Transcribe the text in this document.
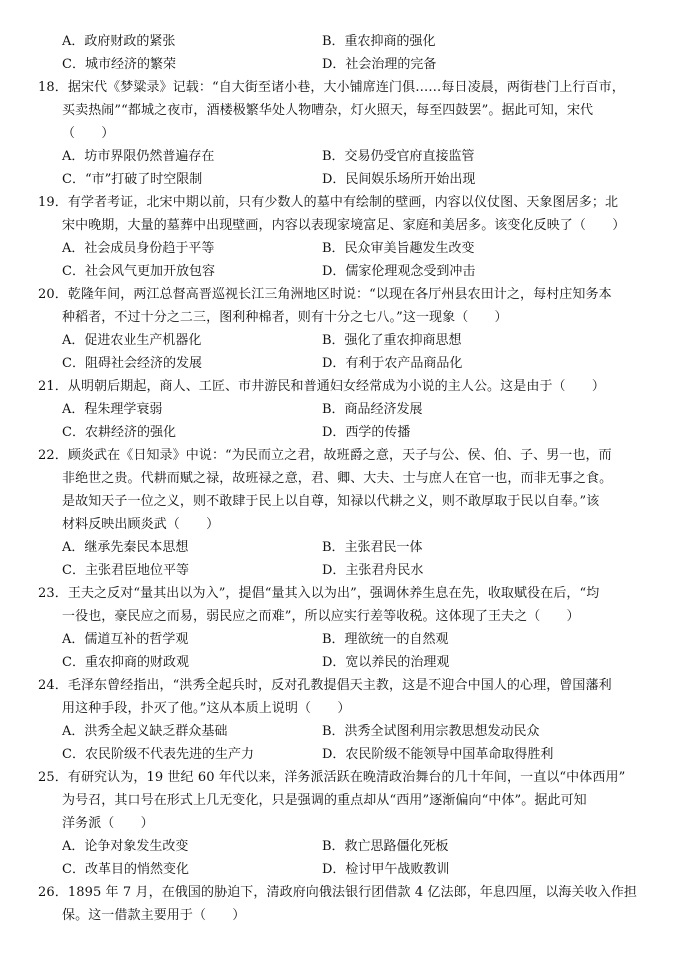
A．政府财政的紧张	B．重农抑商的强化
C．城市经济的繁荣	D．社会治理的完备
18．据宋代《梦粱录》记载：“自大街至诸小巷，大小铺席连门俱……每日凌晨，两街巷门上行百市，
买卖热闹”“都城之夜市，酒楼极繁华处人物嘈杂，灯火照天，每至四鼓罢”。据此可知，宋代
（　　）
A．坊市界限仍然普遍存在	B．交易仍受官府直接监管
C．“市”打破了时空限制	D．民间娱乐场所开始出现
19．有学者考证，北宋中期以前，只有少数人的墓中有绘制的壁画，内容以仪仗图、天象图居多；北
宋中晚期，大量的墓葬中出现壁画，内容以表现家境富足、家庭和美居多。该变化反映了（　　）
A．社会成员身份趋于平等	B．民众审美旨趣发生改变
C．社会风气更加开放包容	D．儒家伦理观念受到冲击
20．乾隆年间，两江总督高晋巡视长江三角洲地区时说：“以现在各厅州县农田计之，每村庄知务本
种稻者，不过十分之二三，图利种棉者，则有十分之七八。”这一现象（　　）
A．促进农业生产机器化	B．强化了重农抑商思想
C．阻碍社会经济的发展	D．有利于农产品商品化
21．从明朝后期起，商人、工匠、市井游民和普通妇女经常成为小说的主人公。这是由于（　　）
A．程朱理学衰弱	B．商品经济发展
C．农耕经济的强化	D．西学的传播
22．顾炎武在《日知录》中说：“为民而立之君，故班爵之意，天子与公、侯、伯、子、男一也，而
非绝世之贵。代耕而赋之禄，故班禄之意，君、卿、大夫、士与庶人在官一也，而非无事之食。
是故知天子一位之义，则不敢肆于民上以自尊，知禄以代耕之义，则不敢厚取于民以自奉。”该
材料反映出顾炎武（　　）
A．继承先秦民本思想	B．主张君民一体
C．主张君臣地位平等	D．主张君舟民水
23．王夫之反对“量其出以为入”，提倡“量其入以为出”，强调休养生息在先，收取赋役在后，“均
一役也，豪民应之而易，弱民应之而难”，所以应实行差等收税。这体现了王夫之（　　）
A．儒道互补的哲学观	B．理欲统一的自然观
C．重农抑商的财政观	D．宽以养民的治理观
24．毛泽东曾经指出，“洪秀全起兵时，反对孔教提倡天主教，这是不迎合中国人的心理，曾国藩利
用这种手段，扑灭了他。”这从本质上说明（　　）
A．洪秀全起义缺乏群众基础	B．洪秀全试图利用宗教思想发动民众
C．农民阶级不代表先进的生产力	D．农民阶级不能领导中国革命取得胜利
25．有研究认为，19 世纪 60 年代以来，洋务派活跃在晚清政治舞台的几十年间，一直以“中体西用”
为号召，其口号在形式上几无变化，只是强调的重点却从“西用”逐渐偏向“中体”。据此可知
洋务派（　　）
A．论争对象发生改变	B．救亡思路僵化死板
C．改革目的悄然变化	D．检讨甲午战败教训
26．1895 年 7 月，在俄国的胁迫下，清政府向俄法银行团借款 4 亿法郎，年息四厘，以海关收入作担
保。这一借款主要用于（　　）
